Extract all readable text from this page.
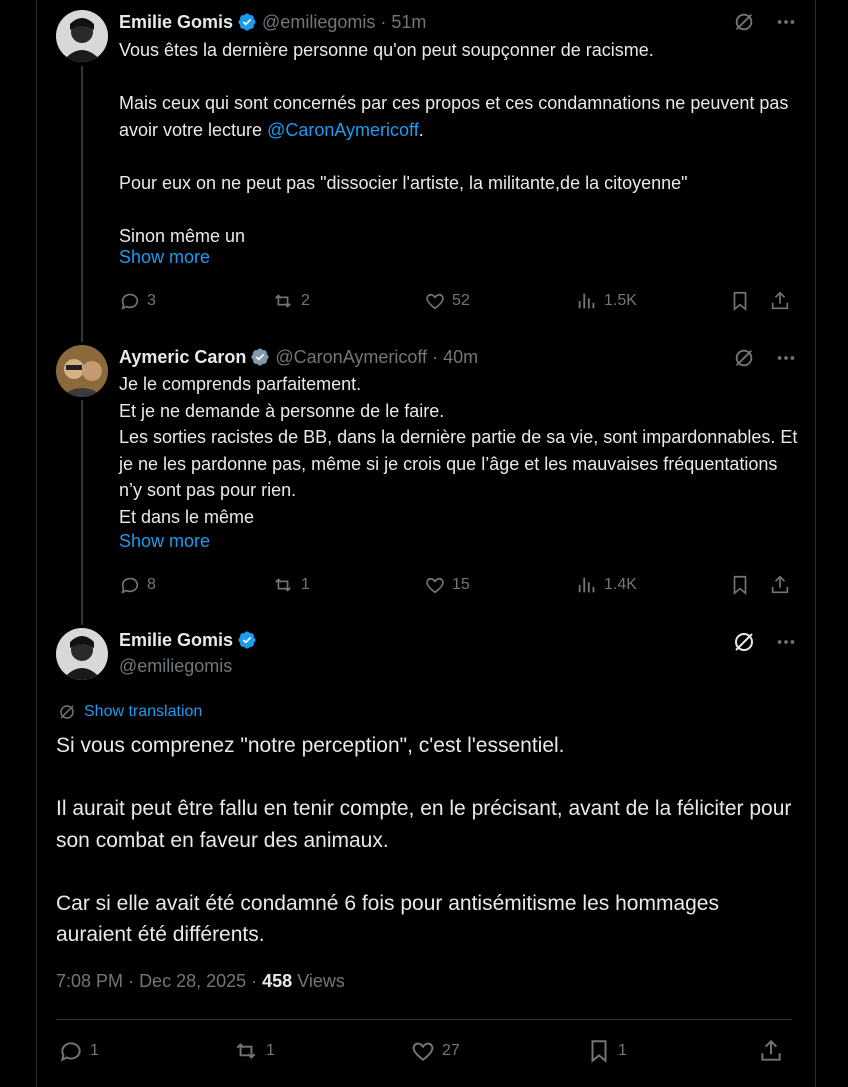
Emilie Gomis @emiliegomis · 51m
Vous êtes la dernière personne qu'on peut soupçonner de racisme.

Mais ceux qui sont concernés par ces propos et ces condamnations ne peuvent pas avoir votre lecture @CaronAymericoff.

Pour eux on ne peut pas "dissocier l'artiste, la militante,de la citoyenne"

Sinon même un
Show more
3	2	52	1.5K
Aymeric Caron @CaronAymericoff · 40m
Je le comprends parfaitement.
Et je ne demande à personne de le faire.
Les sorties racistes de BB, dans la dernière partie de sa vie, sont impardonnables. Et je ne les pardonne pas, même si je crois que l’âge et les mauvaises fréquentations n’y sont pas pour rien.
Et dans le même
Show more
8	1	15	1.4K
Emilie Gomis
@emiliegomis
Show translation
Si vous comprenez "notre perception", c'est l'essentiel.

Il aurait peut être fallu en tenir compte, en le précisant, avant de la féliciter pour son combat en faveur des animaux.

Car si elle avait été condamné 6 fois pour antisémitisme les hommages auraient été différents.
7:08 PM · Dec 28, 2025 · 458 Views
1	1	27	1
